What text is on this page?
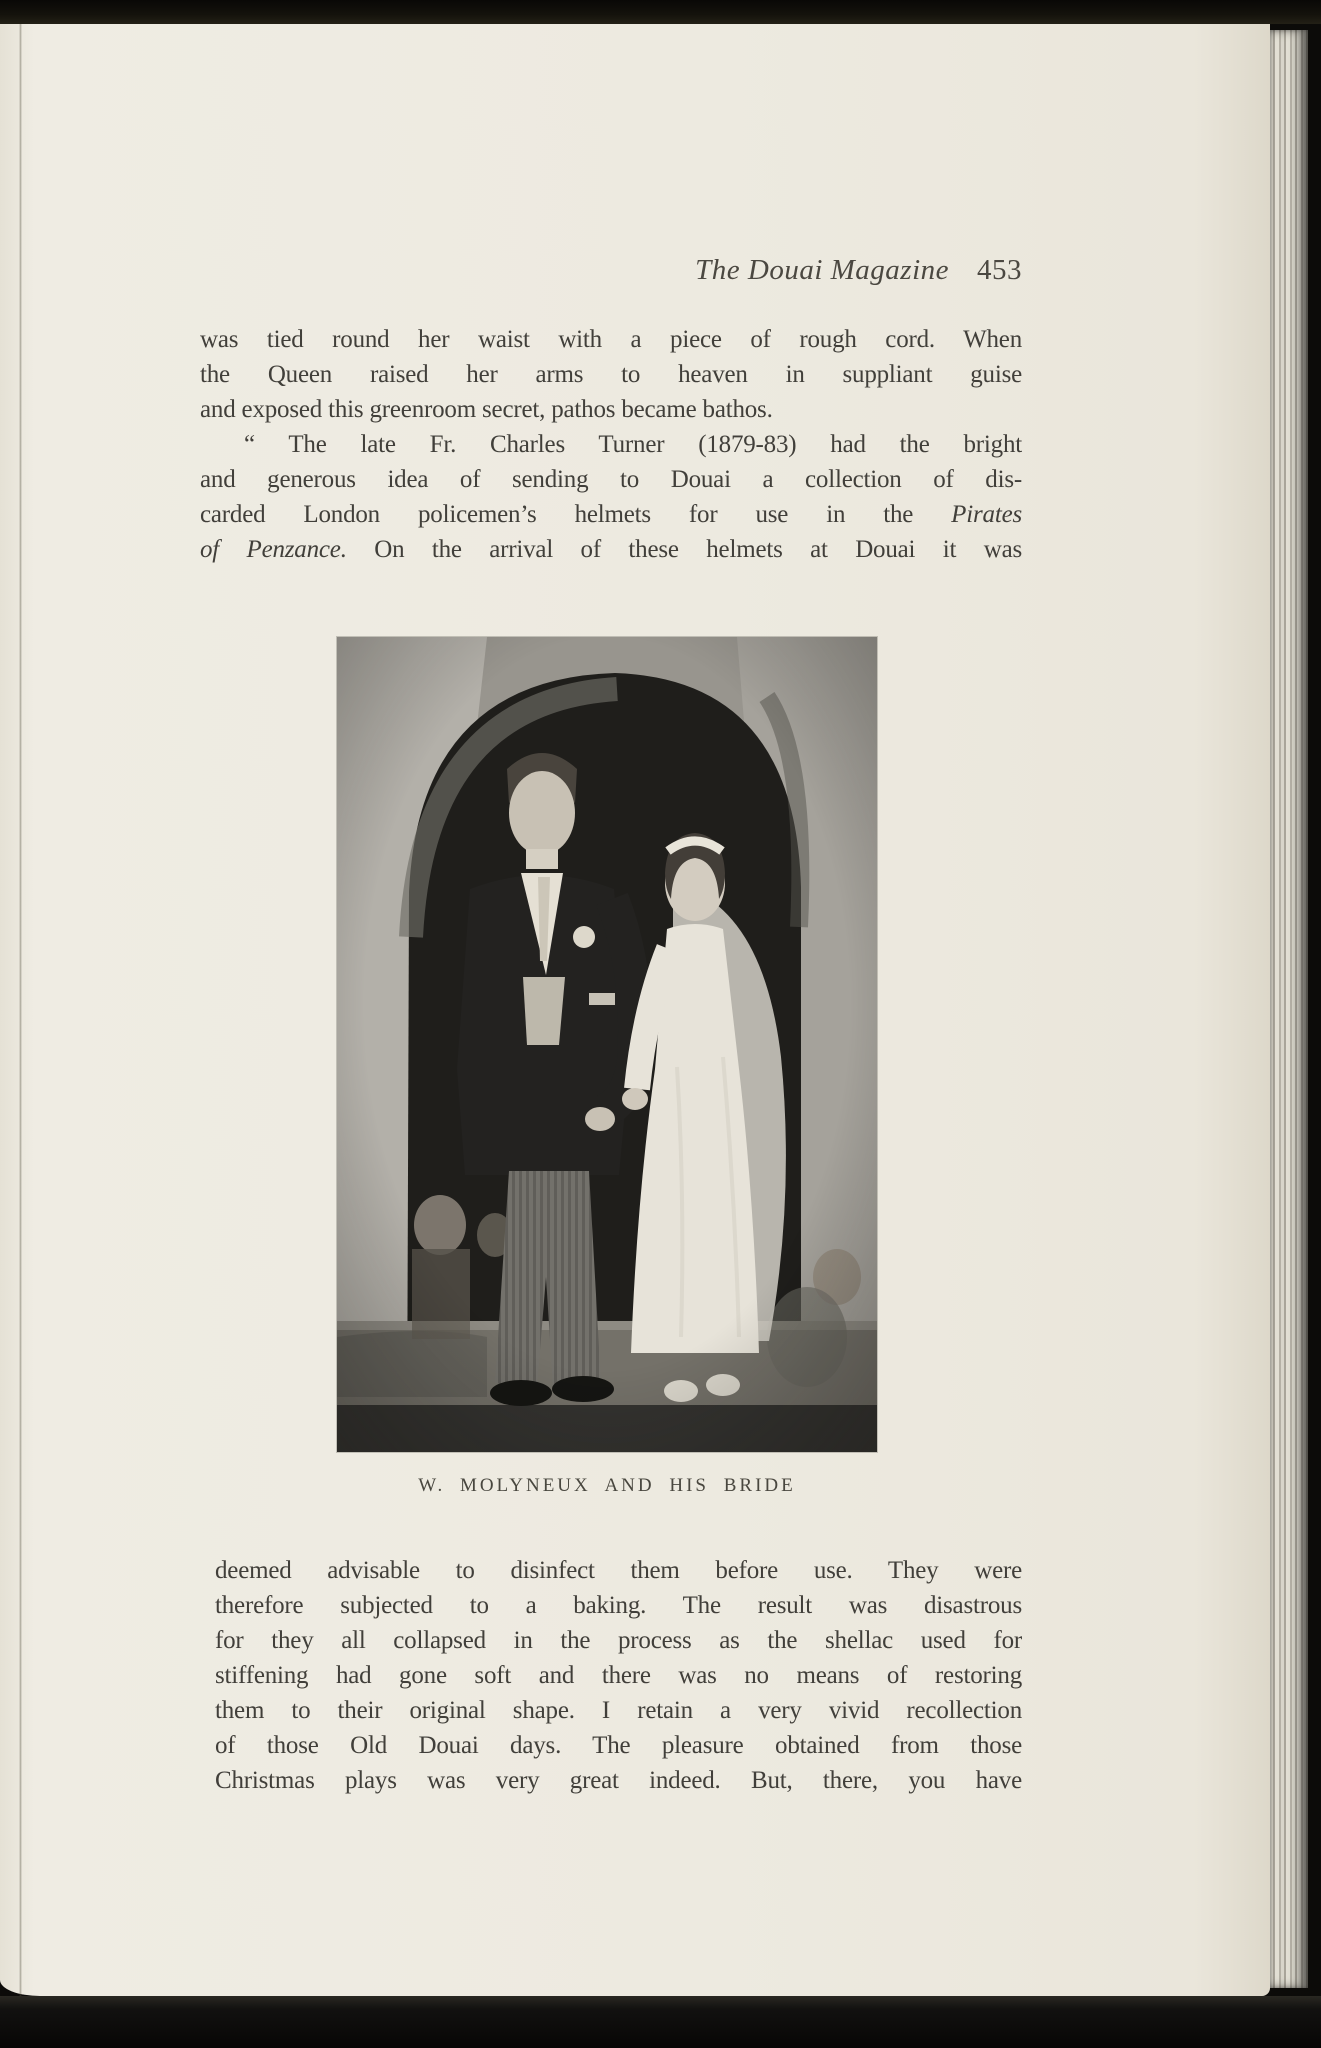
The Douai Magazine 453
was tied round her waist with a piece of rough cord. When
the Queen raised her arms to heaven in suppliant guise
and exposed this greenroom secret, pathos became bathos.
“ The late Fr. Charles Turner (1879-83) had the bright
and generous idea of sending to Douai a collection of dis-
carded London policemen’s helmets for use in the Pirates
of Penzance. On the arrival of these helmets at Douai it was
W. MOLYNEUX AND HIS BRIDE
deemed advisable to disinfect them before use. They were
therefore subjected to a baking. The result was disastrous
for they all collapsed in the process as the shellac used for
stiffening had gone soft and there was no means of restoring
them to their original shape. I retain a very vivid recollection
of those Old Douai days. The pleasure obtained from those
Christmas plays was very great indeed. But, there, you have
